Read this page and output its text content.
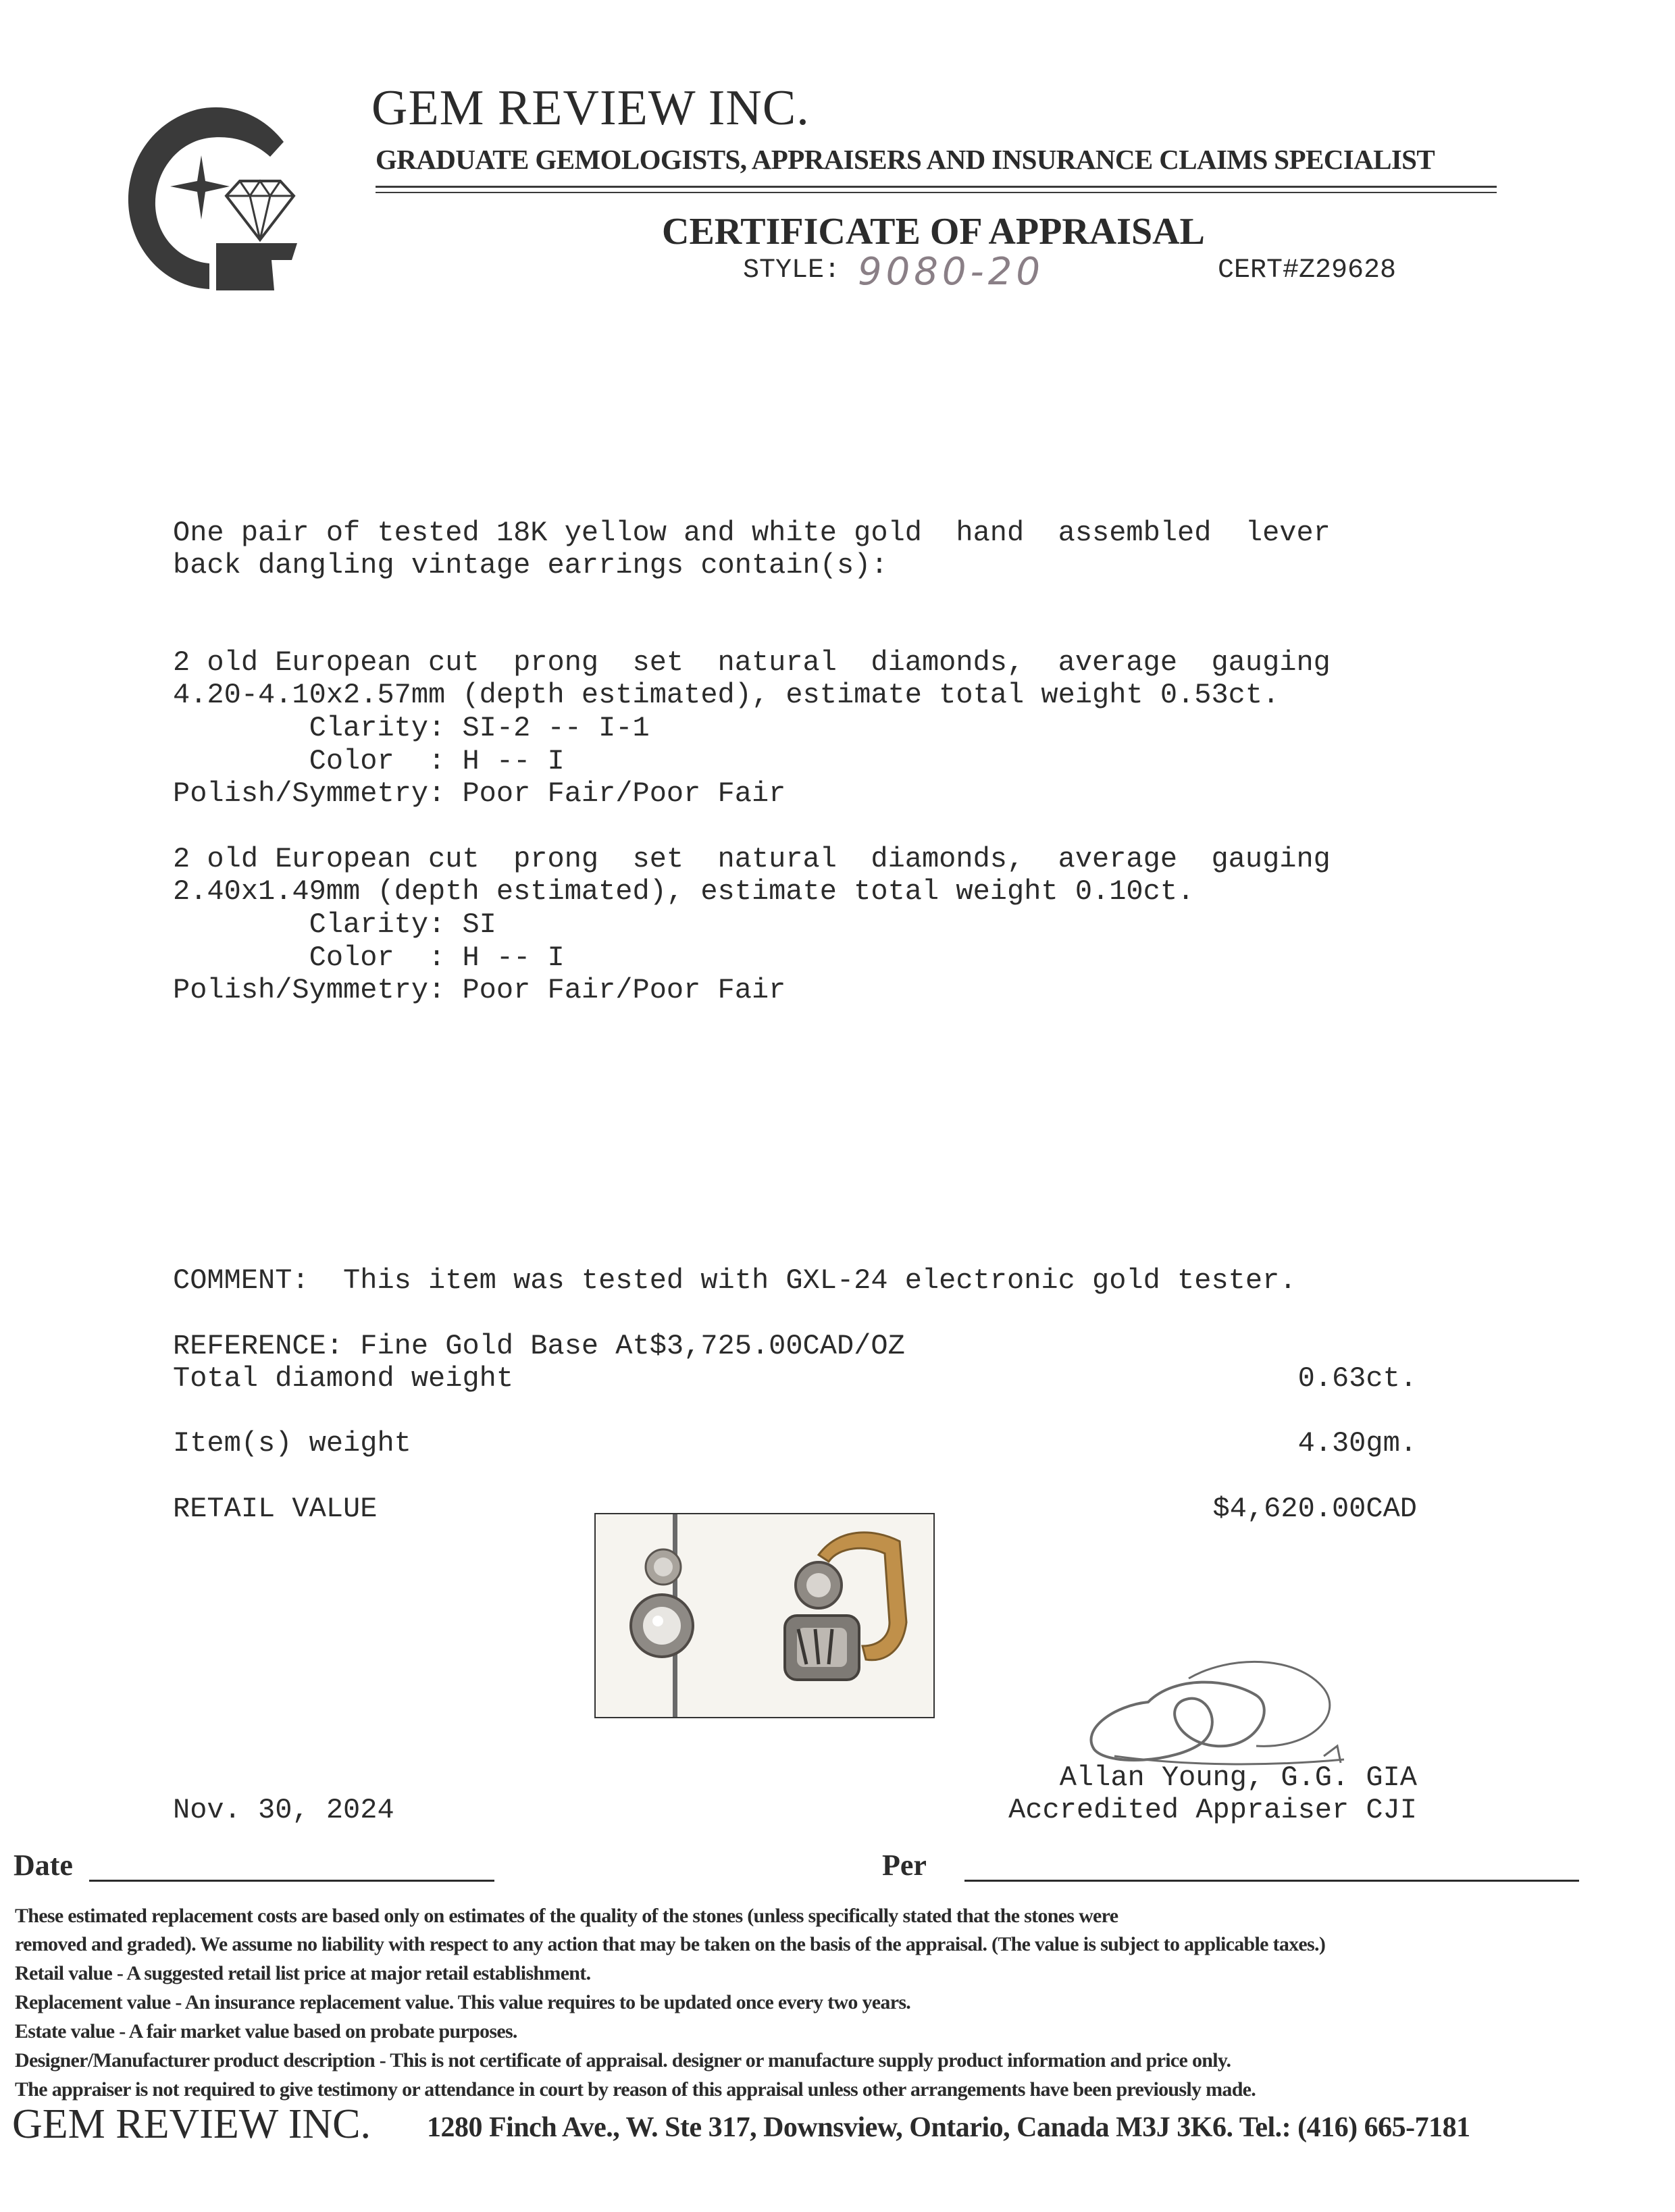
GEM REVIEW INC.
GRADUATE GEMOLOGISTS, APPRAISERS AND INSURANCE CLAIMS SPECIALIST
CERTIFICATE OF APPRAISAL
STYLE: 9080-20	CERT#Z29628
One pair of tested 18K yellow and white gold  hand  assembled  lever
back dangling vintage earrings contain(s):
2 old European cut  prong  set  natural  diamonds,  average  gauging
4.20-4.10x2.57mm (depth estimated), estimate total weight 0.53ct.
Clarity: SI-2 -- I-1
Color  : H -- I
Polish/Symmetry: Poor Fair/Poor Fair
2 old European cut  prong  set  natural  diamonds,  average  gauging
2.40x1.49mm (depth estimated), estimate total weight 0.10ct.
Clarity: SI
Color  : H -- I
Polish/Symmetry: Poor Fair/Poor Fair
COMMENT:  This item was tested with GXL-24 electronic gold tester.
REFERENCE: Fine Gold Base At$3,725.00CAD/OZ
Total diamond weight	0.63ct.
Item(s) weight	4.30gm.
RETAIL VALUE	$4,620.00CAD
Allan Young, G.G. GIA
Accredited Appraiser CJI
Nov. 30, 2024
Date	Per
These estimated replacement costs are based only on estimates of the quality of the stones (unless specifically stated that the stones were
removed and graded). We assume no liability with respect to any action that may be taken on the basis of the appraisal. (The value is subject to applicable taxes.)
Retail value - A suggested retail list price at major retail establishment.
Replacement value - An insurance replacement value. This value requires to be updated once every two years.
Estate value - A fair market value based on probate purposes.
Designer/Manufacturer product description - This is not certificate of appraisal. designer or manufacture supply product information and price only.
The appraiser is not required to give testimony or attendance in court by reason of this appraisal unless other arrangements have been previously made.
GEM REVIEW INC. 1280 Finch Ave., W. Ste 317, Downsview, Ontario, Canada M3J 3K6. Tel.: (416) 665-7181
